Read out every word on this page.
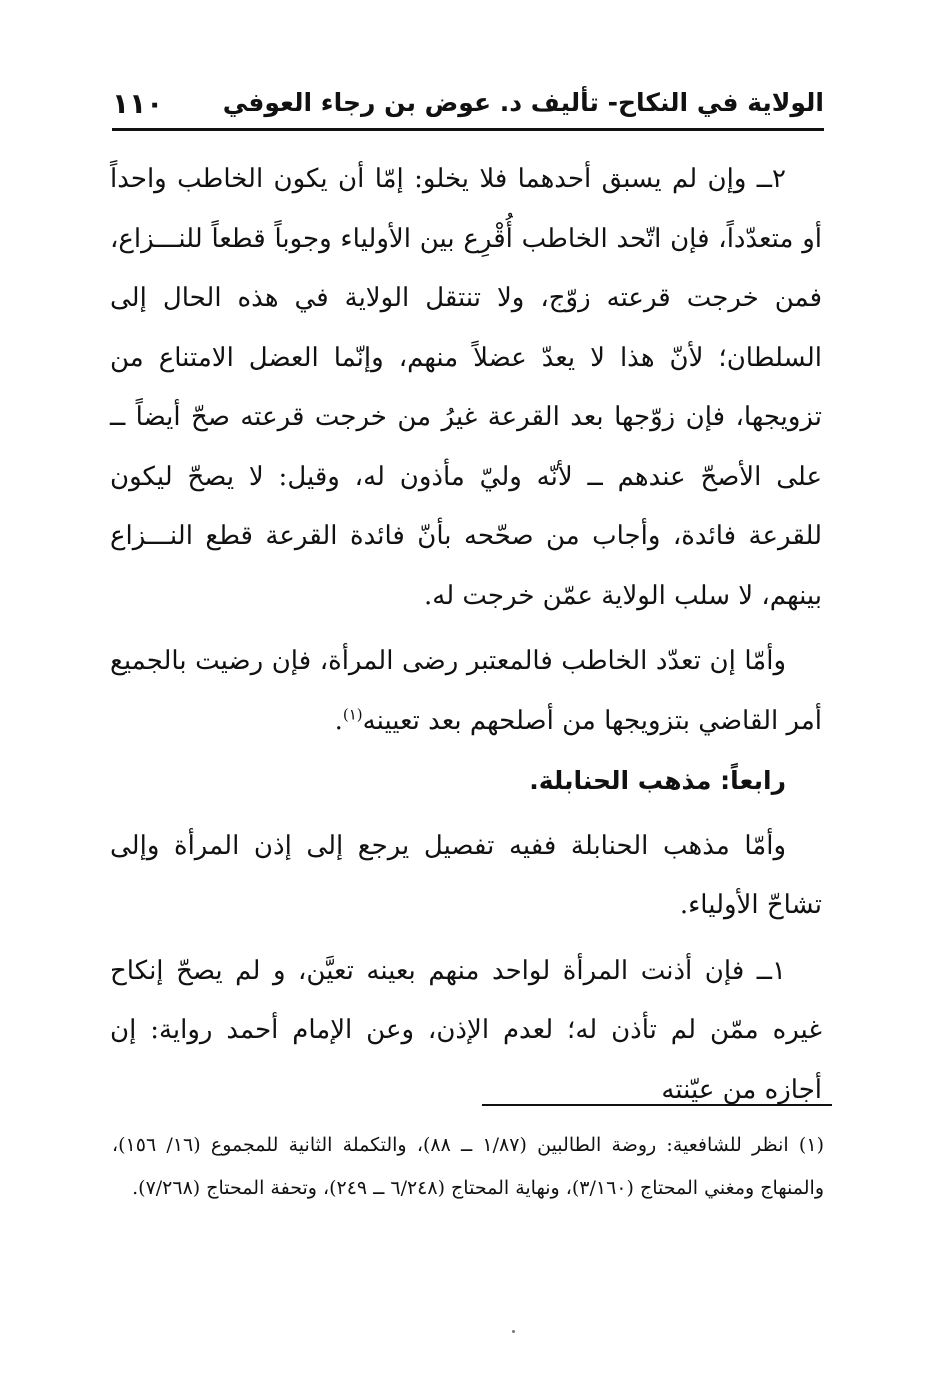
الولاية في النكاح- تأليف د. عوض بن رجاء العوفي
١١٠

٢ــ وإن لم يسبق أحدهما فلا يخلو: إمّا أن يكون الخاطب واحداً أو متعدّداً، فإن اتّحد الخاطب أُقْرِع بين الأولياء وجوباً قطعاً للنـــزاع، فمن خرجت قرعته زوّج، ولا تنتقل الولاية في هذه الحال إلى السلطان؛ لأنّ هذا لا يعدّ عضلاً منهم، وإنّما العضل الامتناع من تزويجها، فإن زوّجها بعد القرعة غيرُ من خرجت قرعته صحّ أيضاً ــ على الأصحّ عندهم ــ لأنّه وليّ مأذون له، وقيل: لا يصحّ ليكون للقرعة فائدة، وأجاب من صحّحه بأنّ فائدة القرعة قطع النـــزاع بينهم، لا سلب الولاية عمّن خرجت له.

وأمّا إن تعدّد الخاطب فالمعتبر رضى المرأة، فإن رضيت بالجميع أمر القاضي بتزويجها من أصلحهم بعد تعيينه$^{(١)}$.

رابعاً: مذهب الحنابلة.

وأمّا مذهب الحنابلة ففيه تفصيل يرجع إلى إذن المرأة وإلى تشاحّ الأولياء.

١ــ فإن أذنت المرأة لواحد منهم بعينه تعيَّن، و لم يصحّ إنكاح غيره ممّن لم تأذن له؛ لعدم الإذن، وعن الإمام أحمد رواية: إن أجازه من عيّنته

(١) انظر للشافعية: روضة الطالبين (١/٨٧ ــ ٨٨)، والتكملة الثانية للمجموع (١٦/ ١٥٦)، والمنهاج ومغني المحتاج (٣/١٦٠)، ونهاية المحتاج (٦/٢٤٨ ــ ٢٤٩)، وتحفة المحتاج (٧/٢٦٨).
